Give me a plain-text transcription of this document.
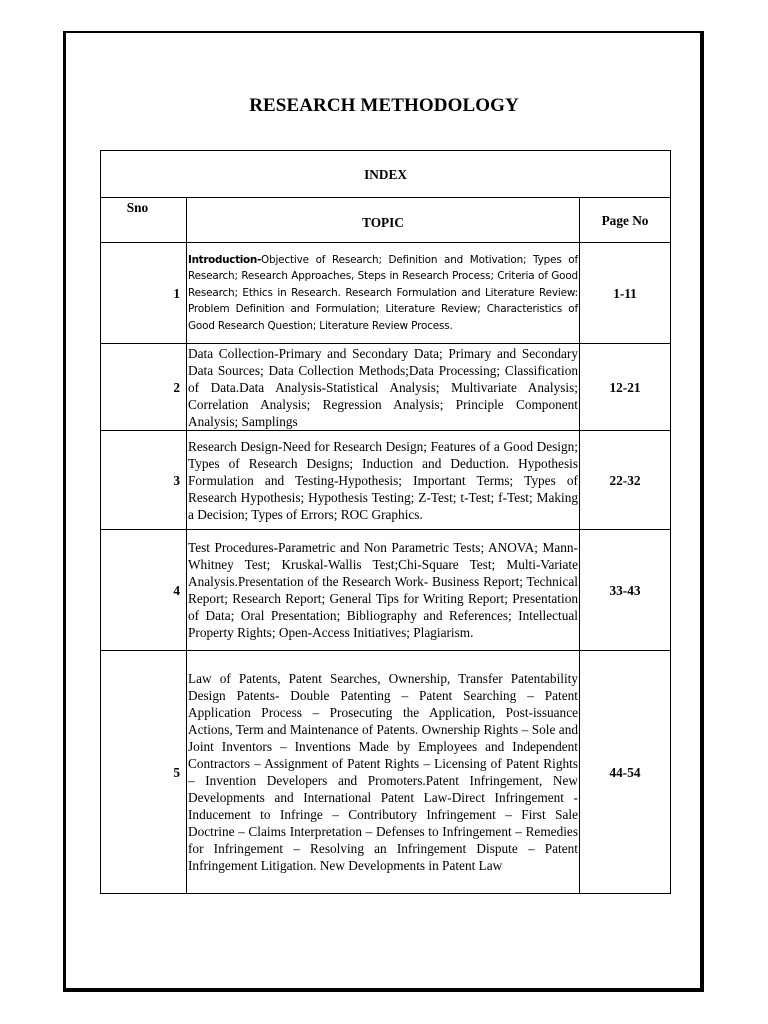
RESEARCH METHODOLOGY
INDEX		
Sno	TOPIC	Page No
1	Introduction-Objective of Research; Definition and Motivation; Types of Research; Research Approaches, Steps in Research Process; Criteria of Good Research; Ethics in Research. Research Formulation and Literature Review: Problem Definition and Formulation; Literature Review; Characteristics of Good Research Question; Literature Review Process.	1-11
2	Data Collection-Primary and Secondary Data; Primary and Secondary Data Sources; Data Collection Methods;Data Processing; Classification of Data.Data Analysis-Statistical Analysis; Multivariate Analysis; Correlation Analysis; Regression Analysis; Principle Component Analysis; Samplings	12-21
3	Research Design-Need for Research Design; Features of a Good Design; Types of Research Designs; Induction and Deduction. Hypothesis Formulation and Testing-Hypothesis; Important Terms; Types of Research Hypothesis; Hypothesis Testing; Z-Test; t-Test; f-Test; Making a Decision; Types of Errors; ROC Graphics.	22-32
4	Test Procedures-Parametric and Non Parametric Tests; ANOVA; Mann-Whitney Test; Kruskal-Wallis Test;Chi-Square Test; Multi-Variate Analysis.Presentation of the Research Work- Business Report; Technical Report; Research Report; General Tips for Writing Report; Presentation of Data; Oral Presentation; Bibliography and References; Intellectual Property Rights; Open-Access Initiatives; Plagiarism.	33-43
5	Law of Patents, Patent Searches, Ownership, Transfer Patentability Design Patents- Double Patenting – Patent Searching – Patent Application Process – Prosecuting the Application, Post-issuance Actions, Term and Maintenance of Patents. Ownership Rights – Sole and Joint Inventors – Inventions Made by Employees and Independent Contractors – Assignment of Patent Rights – Licensing of Patent Rights – Invention Developers and Promoters.Patent Infringement, New Developments and International Patent Law-Direct Infringement - Inducement to Infringe – Contributory Infringement – First Sale Doctrine – Claims Interpretation – Defenses to Infringement – Remedies for Infringement – Resolving an Infringement Dispute – Patent Infringement Litigation. New Developments in Patent Law	44-54
